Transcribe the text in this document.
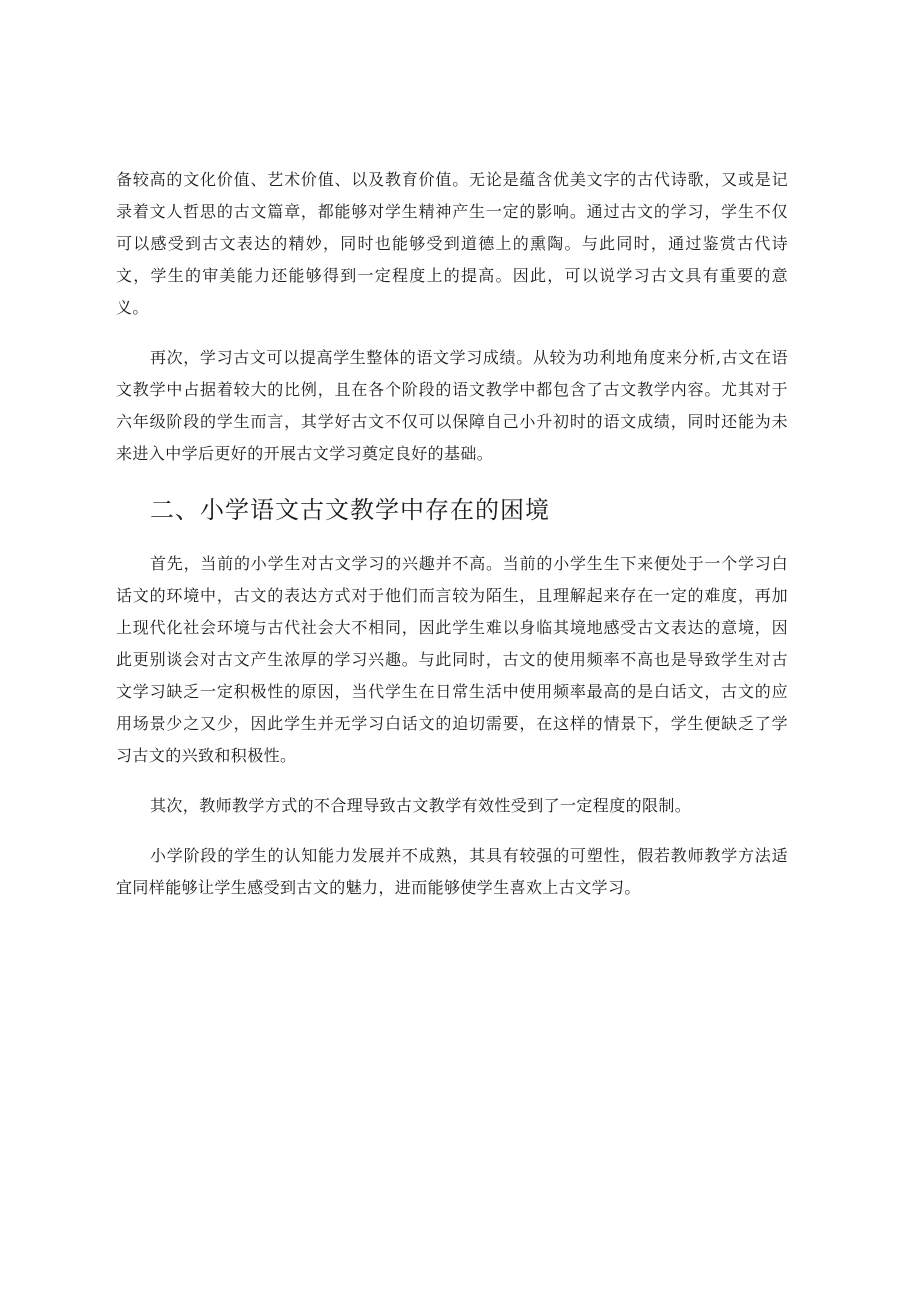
备较高的文化价值、艺术价值、以及教育价值。无论是蕴含优美文字的古代诗歌，又或是记录着文人哲思的古文篇章，都能够对学生精神产生一定的影响。通过古文的学习，学生不仅可以感受到古文表达的精妙，同时也能够受到道德上的熏陶。与此同时，通过鉴赏古代诗文，学生的审美能力还能够得到一定程度上的提高。因此，可以说学习古文具有重要的意义。

再次，学习古文可以提高学生整体的语文学习成绩。从较为功利地角度来分析,古文在语文教学中占据着较大的比例，且在各个阶段的语文教学中都包含了古文教学内容。尤其对于六年级阶段的学生而言，其学好古文不仅可以保障自己小升初时的语文成绩，同时还能为未来进入中学后更好的开展古文学习奠定良好的基础。

二、小学语文古文教学中存在的困境

首先，当前的小学生对古文学习的兴趣并不高。当前的小学生生下来便处于一个学习白话文的环境中，古文的表达方式对于他们而言较为陌生，且理解起来存在一定的难度，再加上现代化社会环境与古代社会大不相同，因此学生难以身临其境地感受古文表达的意境，因此更别谈会对古文产生浓厚的学习兴趣。与此同时，古文的使用频率不高也是导致学生对古文学习缺乏一定积极性的原因，当代学生在日常生活中使用频率最高的是白话文，古文的应用场景少之又少，因此学生并无学习白话文的迫切需要，在这样的情景下，学生便缺乏了学习古文的兴致和积极性。

其次，教师教学方式的不合理导致古文教学有效性受到了一定程度的限制。

小学阶段的学生的认知能力发展并不成熟，其具有较强的可塑性，假若教师教学方法适宜同样能够让学生感受到古文的魅力，进而能够使学生喜欢上古文学习。
